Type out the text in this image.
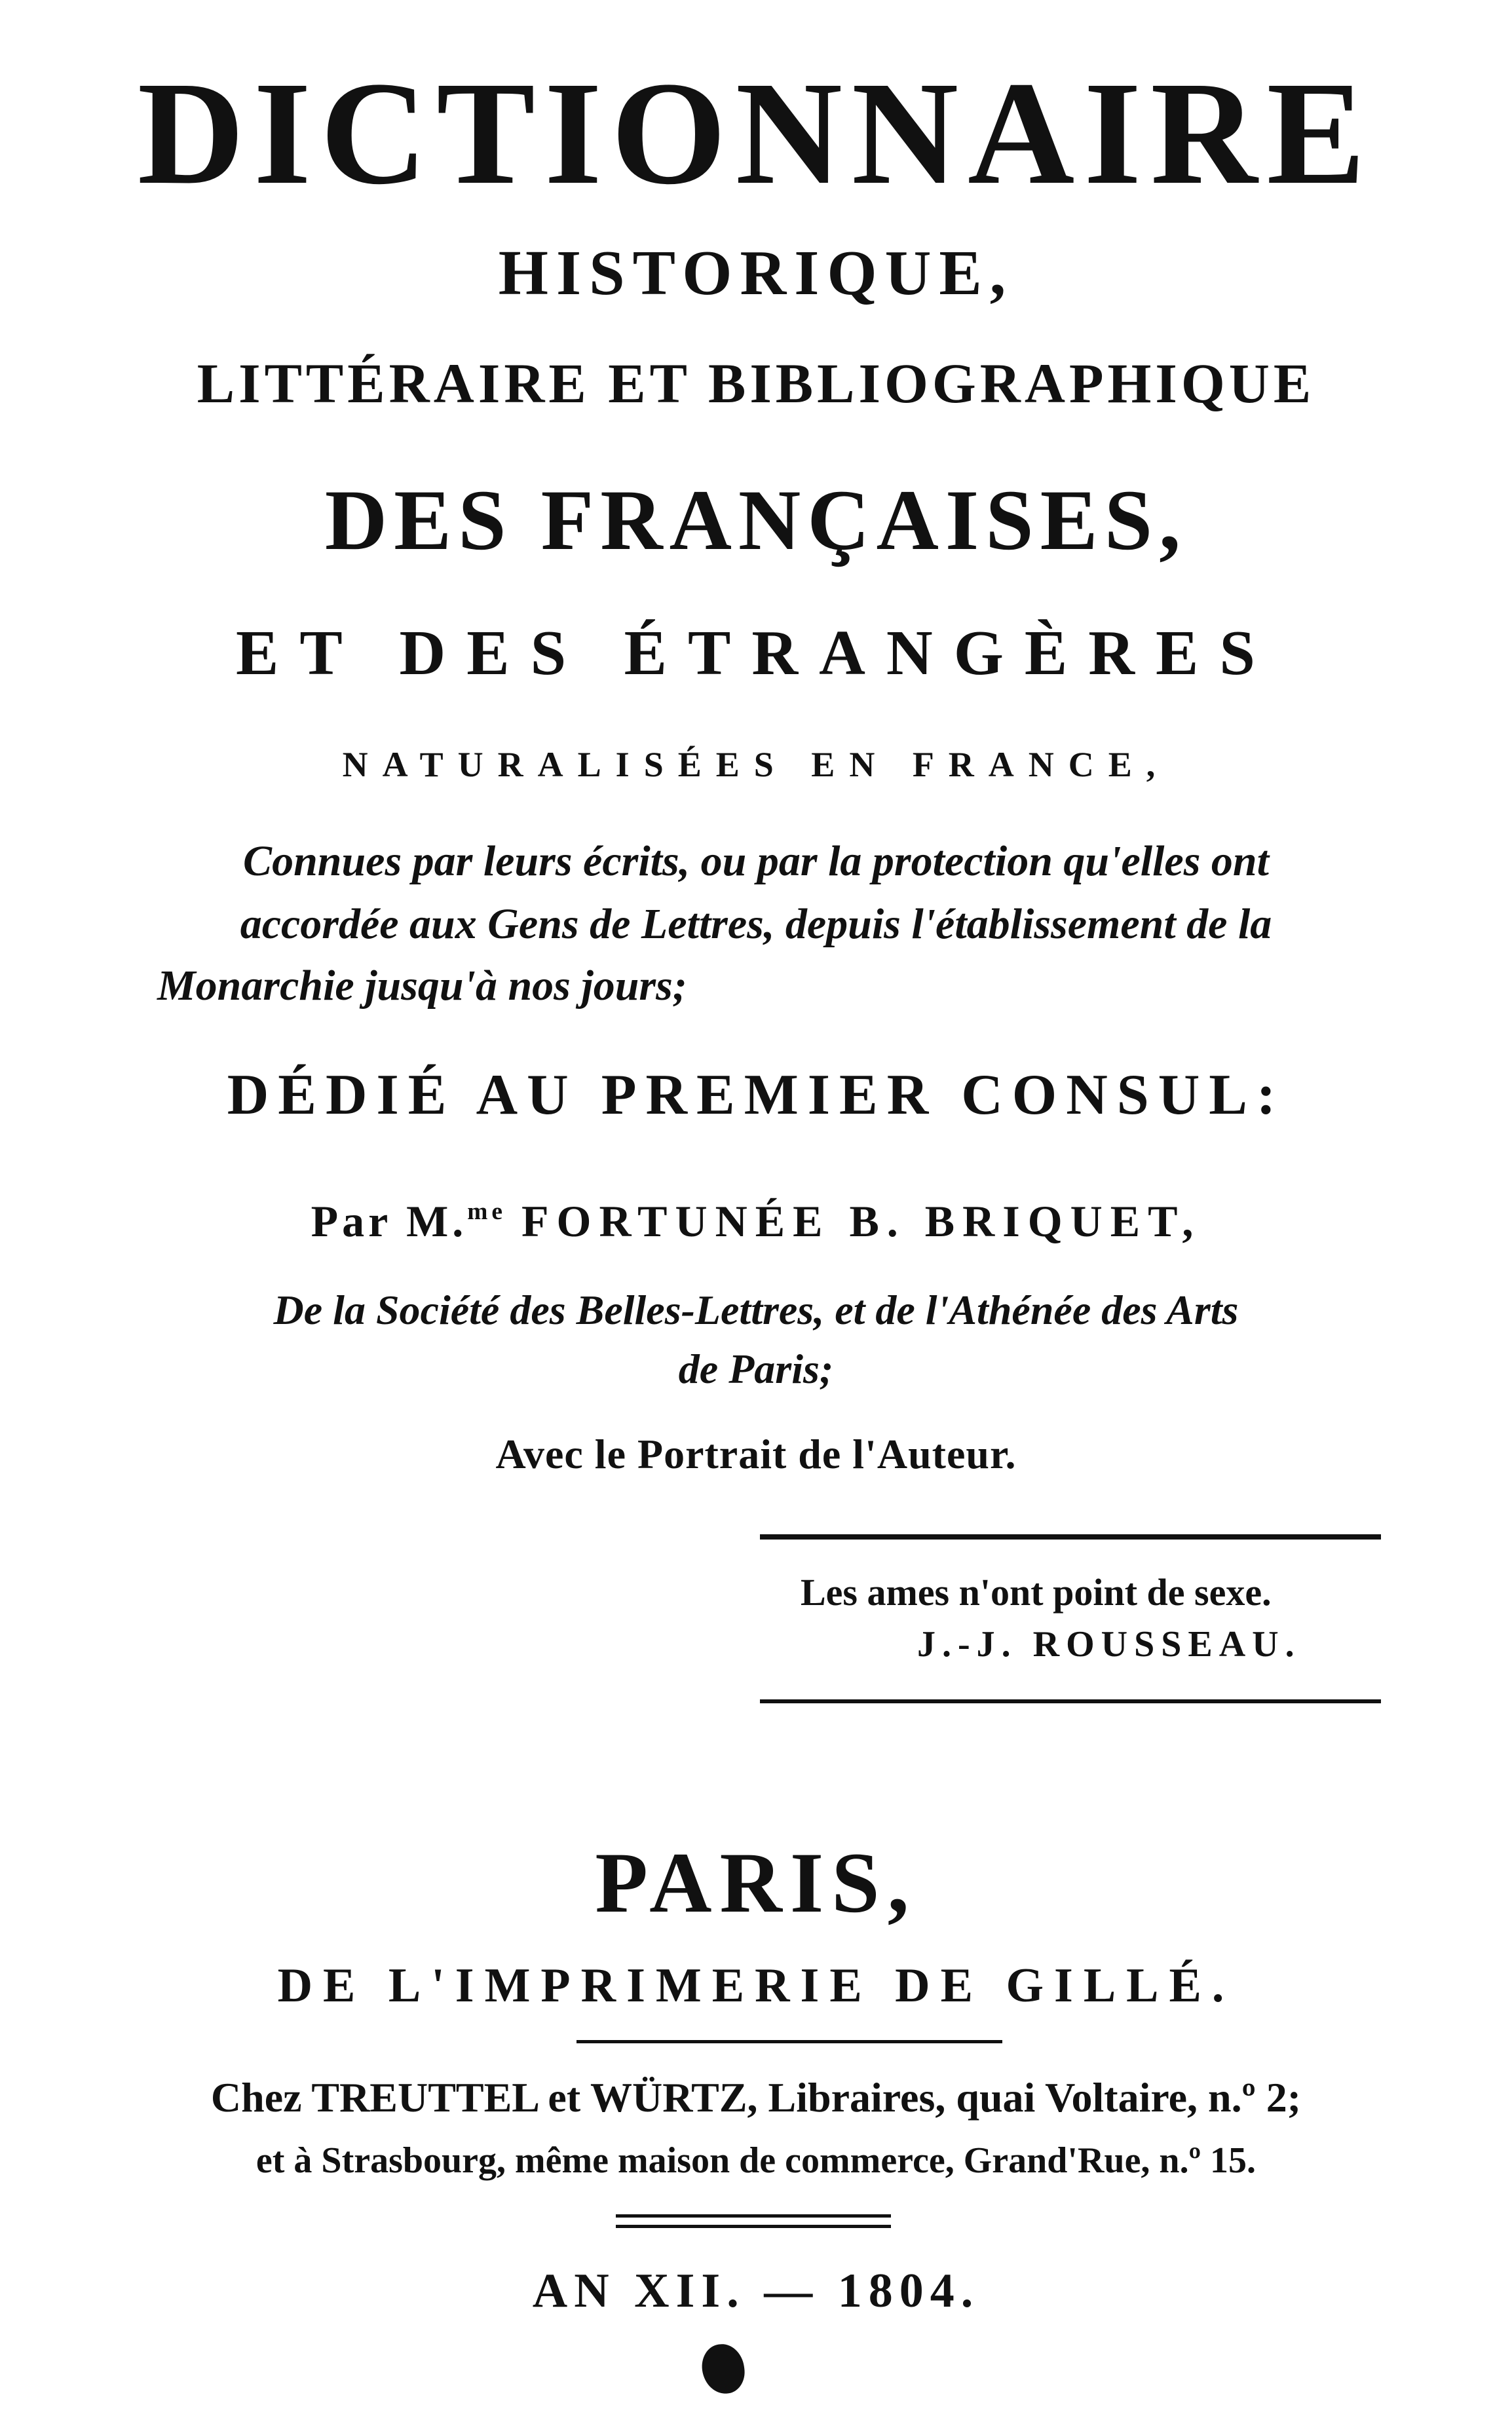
DICTIONNAIRE
HISTORIQUE,
LITTÉRAIRE ET BIBLIOGRAPHIQUE
DES FRANÇAISES,
ET DES ÉTRANGÈRES
NATURALISÉES EN FRANCE,
Connues par leurs écrits, ou par la protection qu'elles ont
accordée aux Gens de Lettres, depuis l'établissement de la
Monarchie jusqu'à nos jours;
DÉDIÉ AU PREMIER CONSUL:
Par M.$^{me}$ FORTUNÉE B. BRIQUET,
De la Société des Belles-Lettres, et de l'Athénée des Arts
de Paris;
Avec le Portrait de l'Auteur.
Les ames n'ont point de sexe.
J.-J. ROUSSEAU.
PARIS,
DE L'IMPRIMERIE DE GILLÉ.
Chez TREUTTEL et WÜRTZ, Libraires, quai Voltaire, n.º 2;
et à Strasbourg, même maison de commerce, Grand'Rue, n.º 15.
AN XII. — 1804.
